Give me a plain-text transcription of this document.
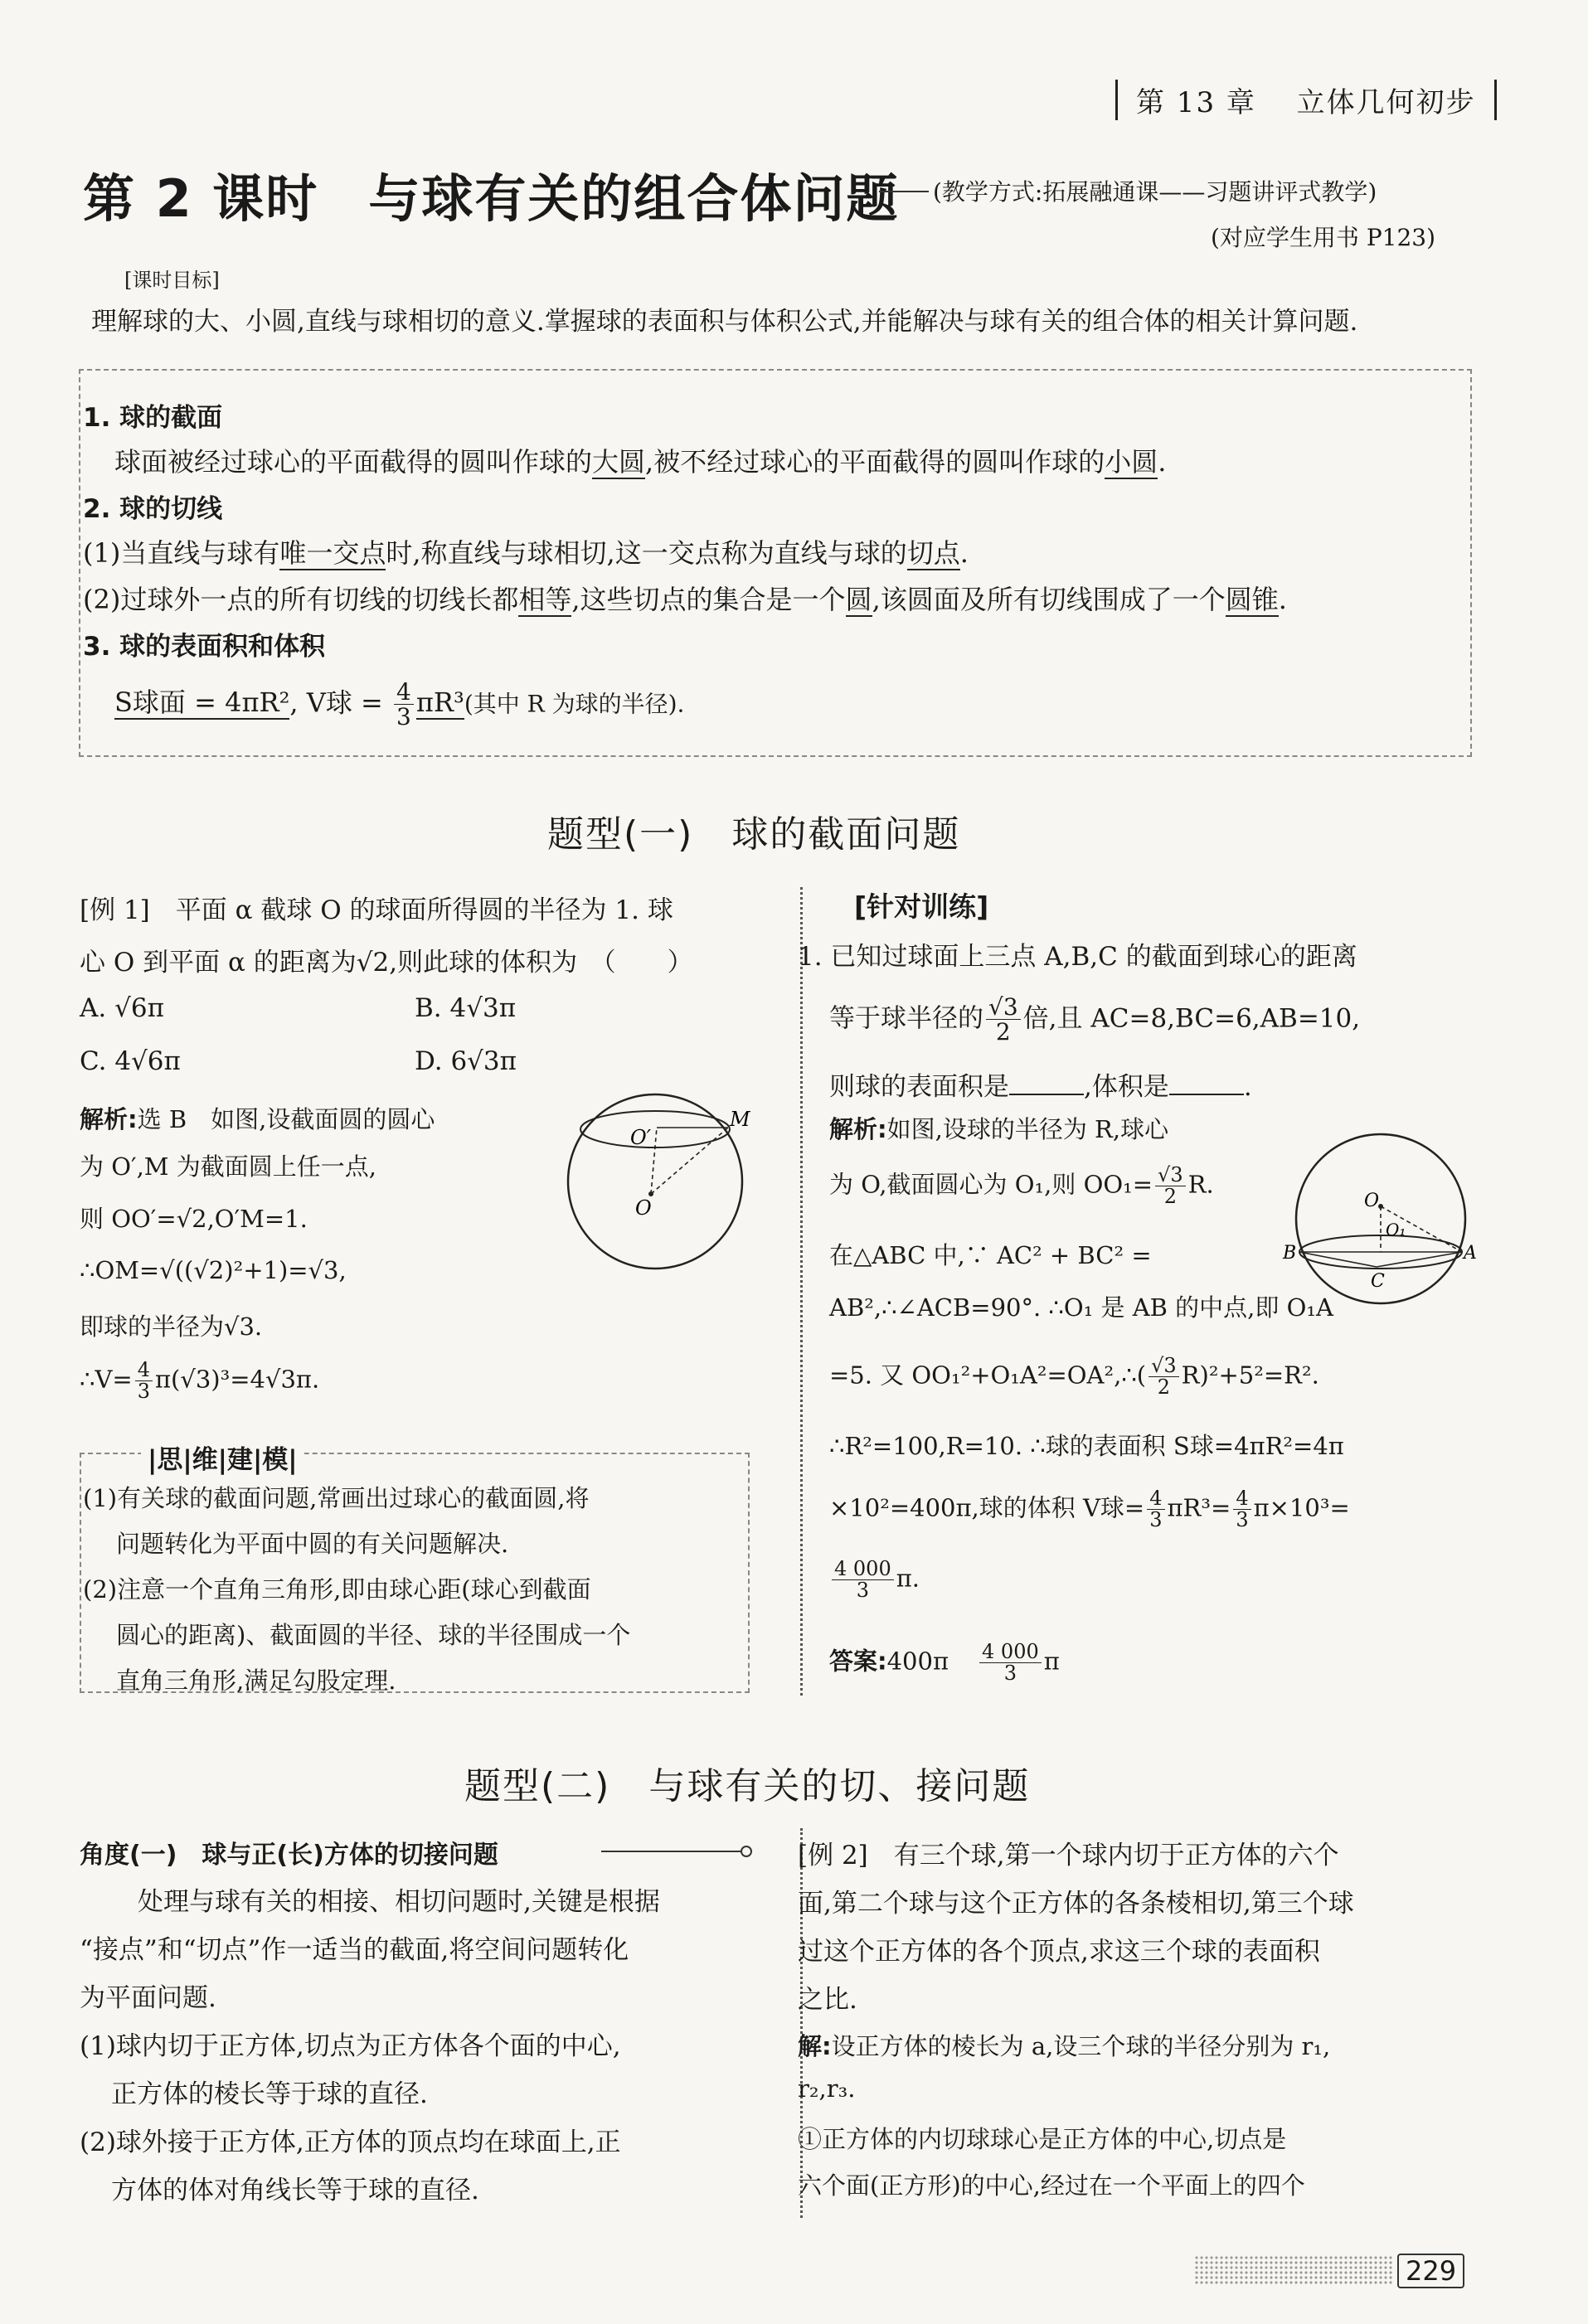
第 13 章　 立体几何初步
第 2 课时 与球有关的组合体问题 (教学方式:拓展融通课——习题讲评式教学)
(对应学生用书 P123)
[课时目标]
理解球的大、小圆,直线与球相切的意义.掌握球的表面积与体积公式,并能解决与球有关的组合体的相关计算问题.
1. 球的截面
球面被经过球心的平面截得的圆叫作球的大圆,被不经过球心的平面截得的圆叫作球的小圆.
2. 球的切线
(1)当直线与球有唯一交点时,称直线与球相切,这一交点称为直线与球的切点.
(2)过球外一点的所有切线的切线长都相等,这些切点的集合是一个圆,该圆面及所有切线围成了一个圆锥.
3. 球的表面积和体积
S球面 = 4πR², V球 = $\frac{4}{3} \pi R^3$(其中 R 为球的半径).
题型(一)　球的截面问题
[例 1]　平面 α 截球 O 的球面所得圆的半径为 1. 球
心 O 到平面 α 的距离为√2,则此球的体积为　（　　）
A. √6π	B. 4√3π
C. 4√6π	D. 6√3π
解析:选 B　如图,设截面圆的圆心
为 O′,M 为截面圆上任一点,
则 OO′=√2,O′M=1.
∴OM=√((√2)²+1)=√3,
即球的半径为√3.
∴V= $\frac{4}{3} \pi(√3)^3=4√3\pi$.
O′
M
O
|思|维|建|模|
(1)有关球的截面问题,常画出过球心的截面圆,将
问题转化为平面中圆的有关问题解决.
(2)注意一个直角三角形,即由球心距(球心到截面
圆心的距离)、截面圆的半径、球的半径围成一个
直角三角形,满足勾股定理.
[针对训练]
1. 已知过球面上三点 A,B,C 的截面到球心的距离
等于球半径的 $\frac{√3}{2}$ 倍,且 AC=8,BC=6,AB=10,
则球的表面积是	,体积是	.
解析:如图,设球的半径为 R,球心
为 O,截面圆心为 O₁,则 $OO_1= \frac{√3}{2} R$.
在△ABC 中,∵ AC² + BC² =
AB²,∴∠ACB=90°. ∴O₁ 是 AB 的中点,即 O₁A
=5. 又 OO₁²+O₁A²=OA²,∴( $\frac{√3}{2} R)^2+5^2=R^2$.
∴R²=100,R=10. ∴球的表面积 S球=4πR²=4π
×10²=400π,球的体积 V球= $\frac{4}{3} \pi R^3= \frac{4}{3} \pi\times 10^3=$
$\frac{4 000}{3} \pi$.
答案:400π $\frac{4 000}{3}$ π
O
O₁
B
C
A
题型(二)　与球有关的切、接问题
角度(一)　球与正(长)方体的切接问题
处理与球有关的相接、相切问题时,关键是根据
“接点”和“切点”作一适当的截面,将空间问题转化
为平面问题.
(1)球内切于正方体,切点为正方体各个面的中心,
正方体的棱长等于球的直径.
(2)球外接于正方体,正方体的顶点均在球面上,正
方体的体对角线长等于球的直径.
[例 2]　有三个球,第一个球内切于正方体的六个
面,第二个球与这个正方体的各条棱相切,第三个球
过这个正方体的各个顶点,求这三个球的表面积
之比.
解:设正方体的棱长为 a,设三个球的半径分别为 r₁,
r₂,r₃.
①正方体的内切球球心是正方体的中心,切点是
六个面(正方形)的中心,经过在一个平面上的四个
229
